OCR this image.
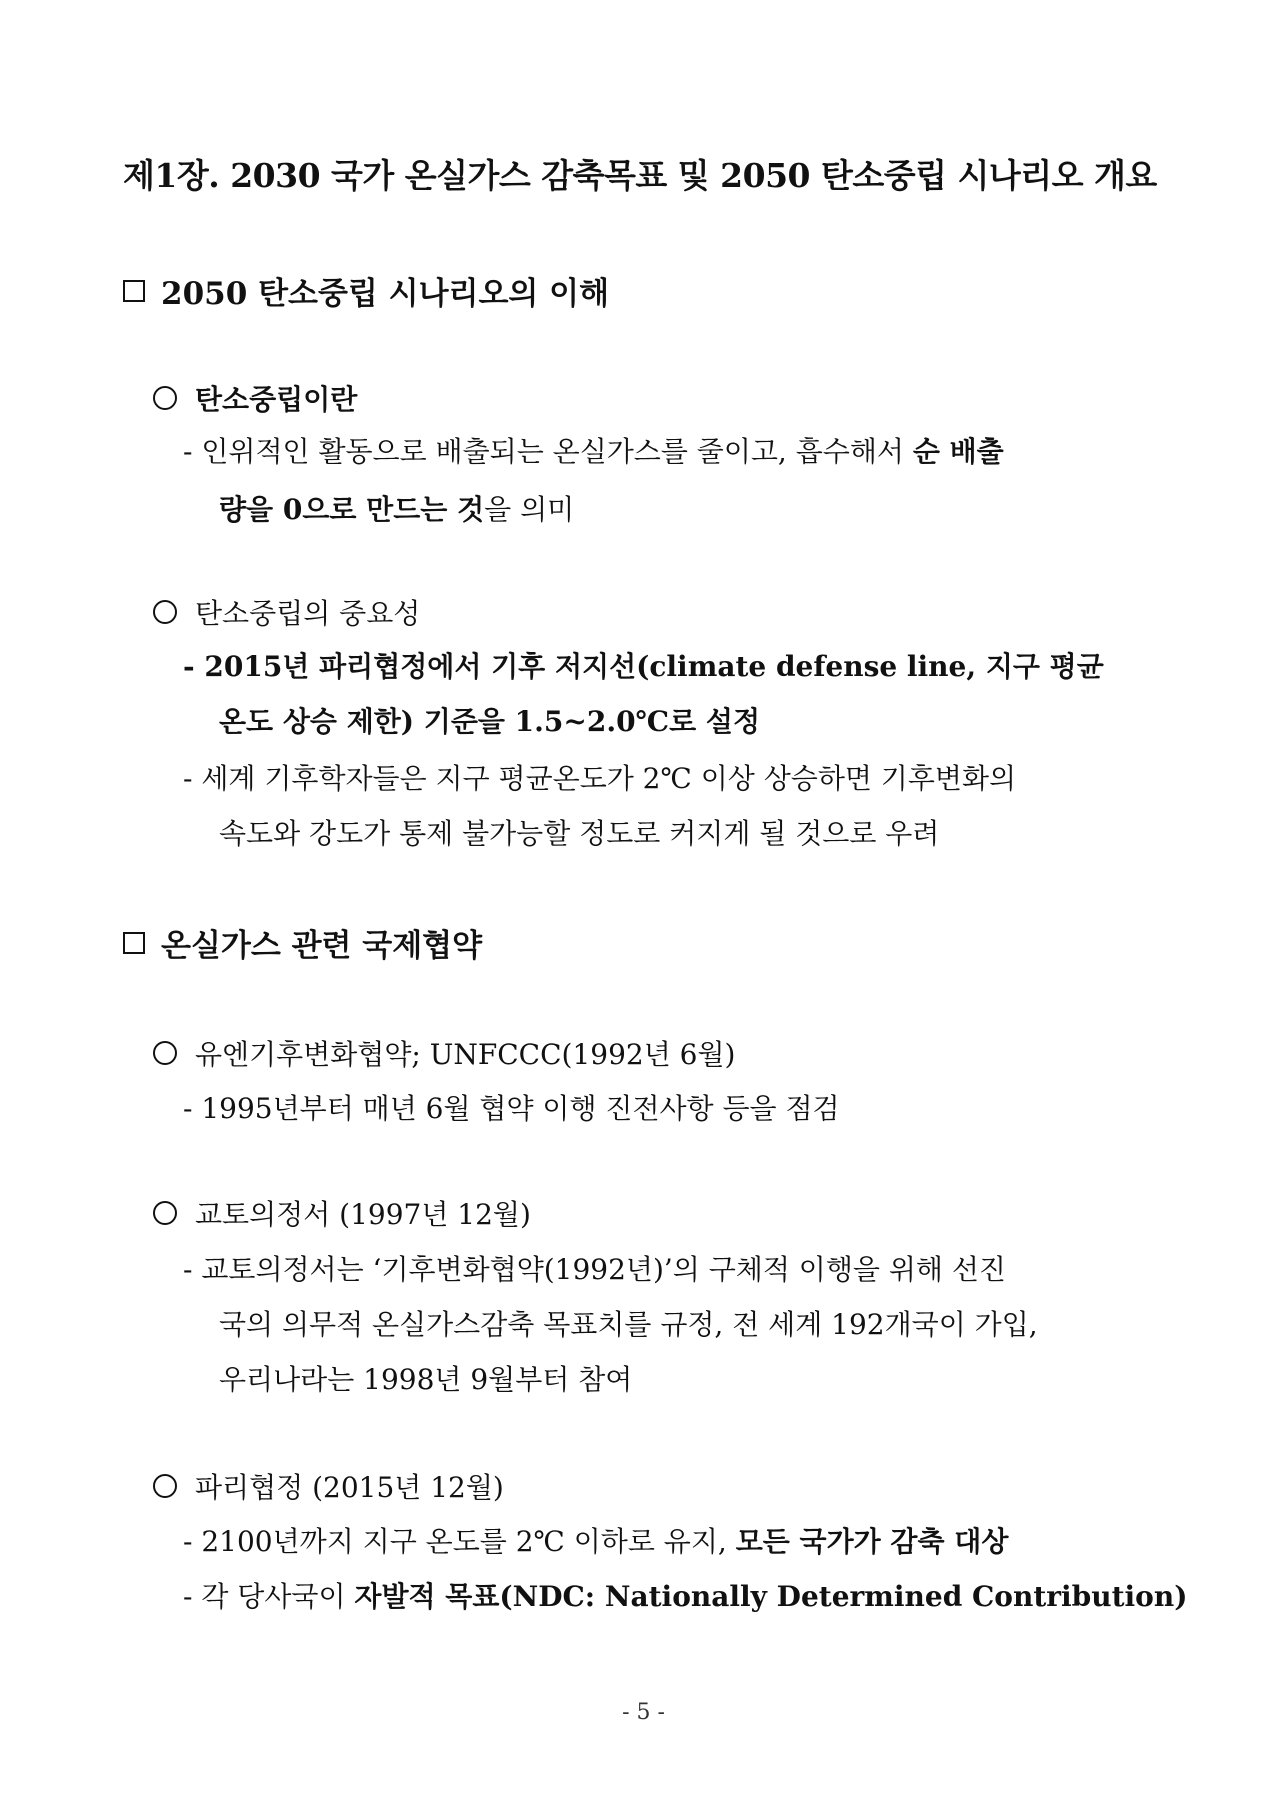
제1장. 2030 국가 온실가스 감축목표 및 2050 탄소중립 시나리오 개요
2050 탄소중립 시나리오의 이해
탄소중립이란
- 인위적인 활동으로 배출되는 온실가스를 줄이고, 흡수해서 순 배출
량을 0으로 만드는 것을 의미
탄소중립의 중요성
- 2015년 파리협정에서 기후 저지선(climate defense line, 지구 평균
온도 상승 제한) 기준을 1.5~2.0℃로 설정
- 세계 기후학자들은 지구 평균온도가 2℃ 이상 상승하면 기후변화의
속도와 강도가 통제 불가능할 정도로 커지게 될 것으로 우려
온실가스 관련 국제협약
유엔기후변화협약; UNFCCC(1992년 6월)
- 1995년부터 매년 6월 협약 이행 진전사항 등을 점검
교토의정서 (1997년 12월)
- 교토의정서는 ‘기후변화협약(1992년)’의 구체적 이행을 위해 선진
국의 의무적 온실가스감축 목표치를 규정, 전 세계 192개국이 가입,
우리나라는 1998년 9월부터 참여
파리협정 (2015년 12월)
- 2100년까지 지구 온도를 2℃ 이하로 유지, 모든 국가가 감축 대상
- 각 당사국이 자발적 목표(NDC: Nationally Determined Contribution)
- 5 -
